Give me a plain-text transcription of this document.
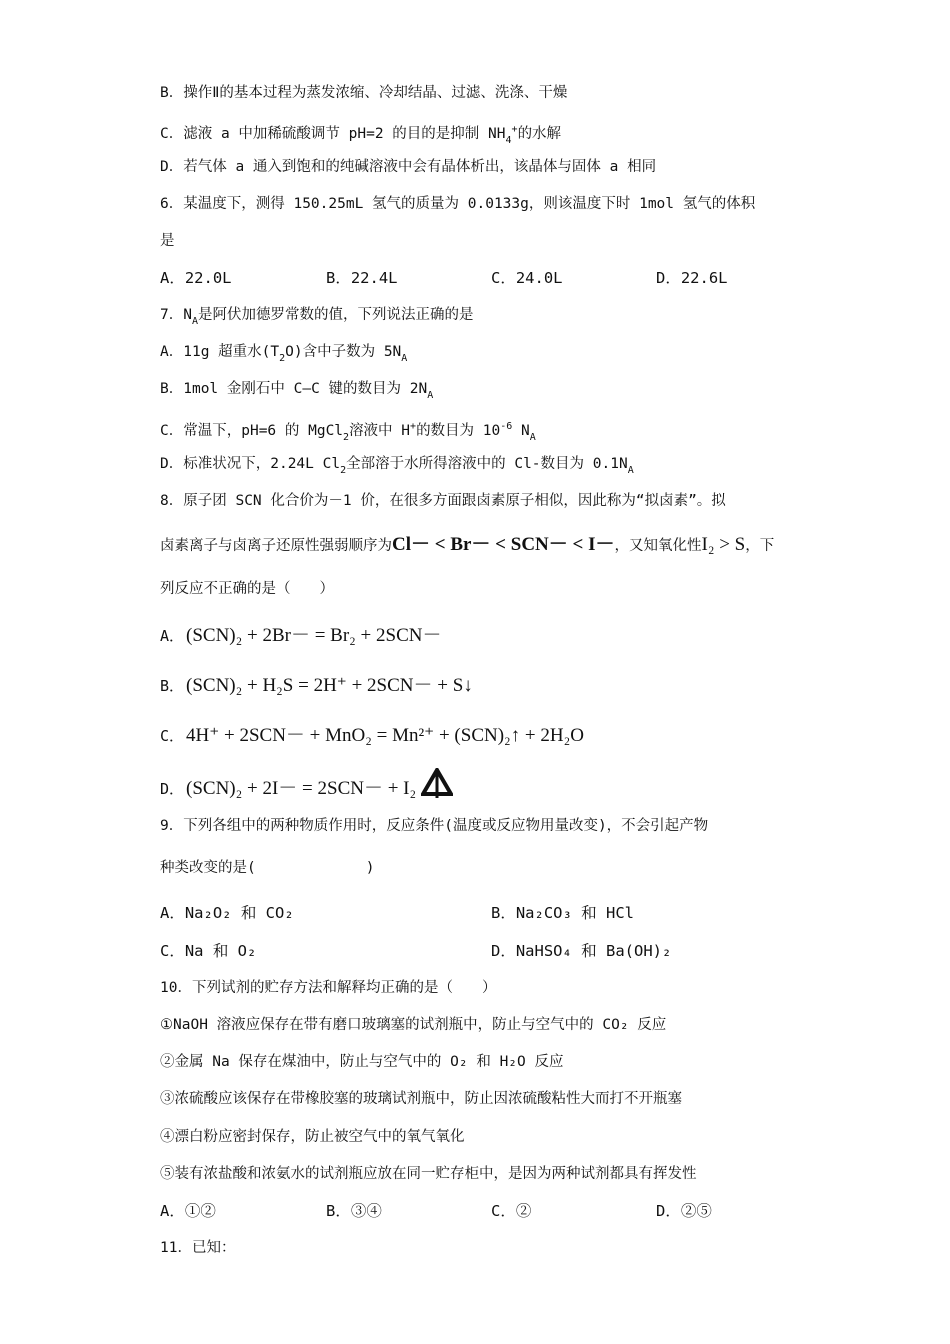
B．操作Ⅱ的基本过程为蒸发浓缩、冷却结晶、过滤、洗涤、干燥
C．滤液 a 中加稀硫酸调节 pH=2 的目的是抑制 $NH_4^+$的水解
D．若气体 a 通入到饱和的纯碱溶液中会有晶体析出，该晶体与固体 a 相同
6．某温度下，测得 150.25mL 氢气的质量为 0.0133g，则该温度下时 1mol 氢气的体积
是
A．22.0L	B．22.4L	C．24.0L	D．22.6L
7．$N_A$是阿伏加德罗常数的值，下列说法正确的是
A．11g 超重水$(T_2O)$含中子数为 $5N_A$
B．1mol 金刚石中 C—C 键的数目为 $2N_A$
C．常温下，pH=6 的 MgCl$_2$溶液中 H+的数目为 $10^{-6}$ $N_A$
D．标准状况下，2.24L $Cl_2$全部溶于水所得溶液中的 Cl-数目为 $0.1N_A$
8．原子团 SCN 化合价为－1 价，在很多方面跟卤素原子相似，因此称为“拟卤素”。拟
卤素离子与卤离子还原性强弱顺序为Cl－ < Br－ < SCN－ < I－，又知氧化性I₂ > S，下
列反应不正确的是（　　）
A． (SCN)₂ + 2Br－ = Br₂ + 2SCN－
B． (SCN)₂ + H₂S = 2H⁺ + 2SCN－ + S↓
C． 4H⁺ + 2SCN－ + MnO₂ = Mn²⁺ + (SCN)₂↑ + 2H₂O
D． (SCN)₂ + 2I－ = 2SCN－ + I₂
9．下列各组中的两种物质作用时，反应条件(温度或反应物用量改变)，不会引起产物
种类改变的是(	)
A．Na₂O₂ 和 CO₂	B．Na₂CO₃ 和 HCl
C．Na 和 O₂	D．NaHSO₄ 和 Ba(OH)₂
10．下列试剂的贮存方法和解释均正确的是（　　）
①NaOH 溶液应保存在带有磨口玻璃塞的试剂瓶中，防止与空气中的 CO₂ 反应
②金属 Na 保存在煤油中，防止与空气中的 O₂ 和 H₂O 反应
③浓硫酸应该保存在带橡胶塞的玻璃试剂瓶中，防止因浓硫酸粘性大而打不开瓶塞
④漂白粉应密封保存，防止被空气中的氧气氧化
⑤装有浓盐酸和浓氨水的试剂瓶应放在同一贮存柜中，是因为两种试剂都具有挥发性
A．①②	B．③④	C．②	D．②⑤
11．已知：
